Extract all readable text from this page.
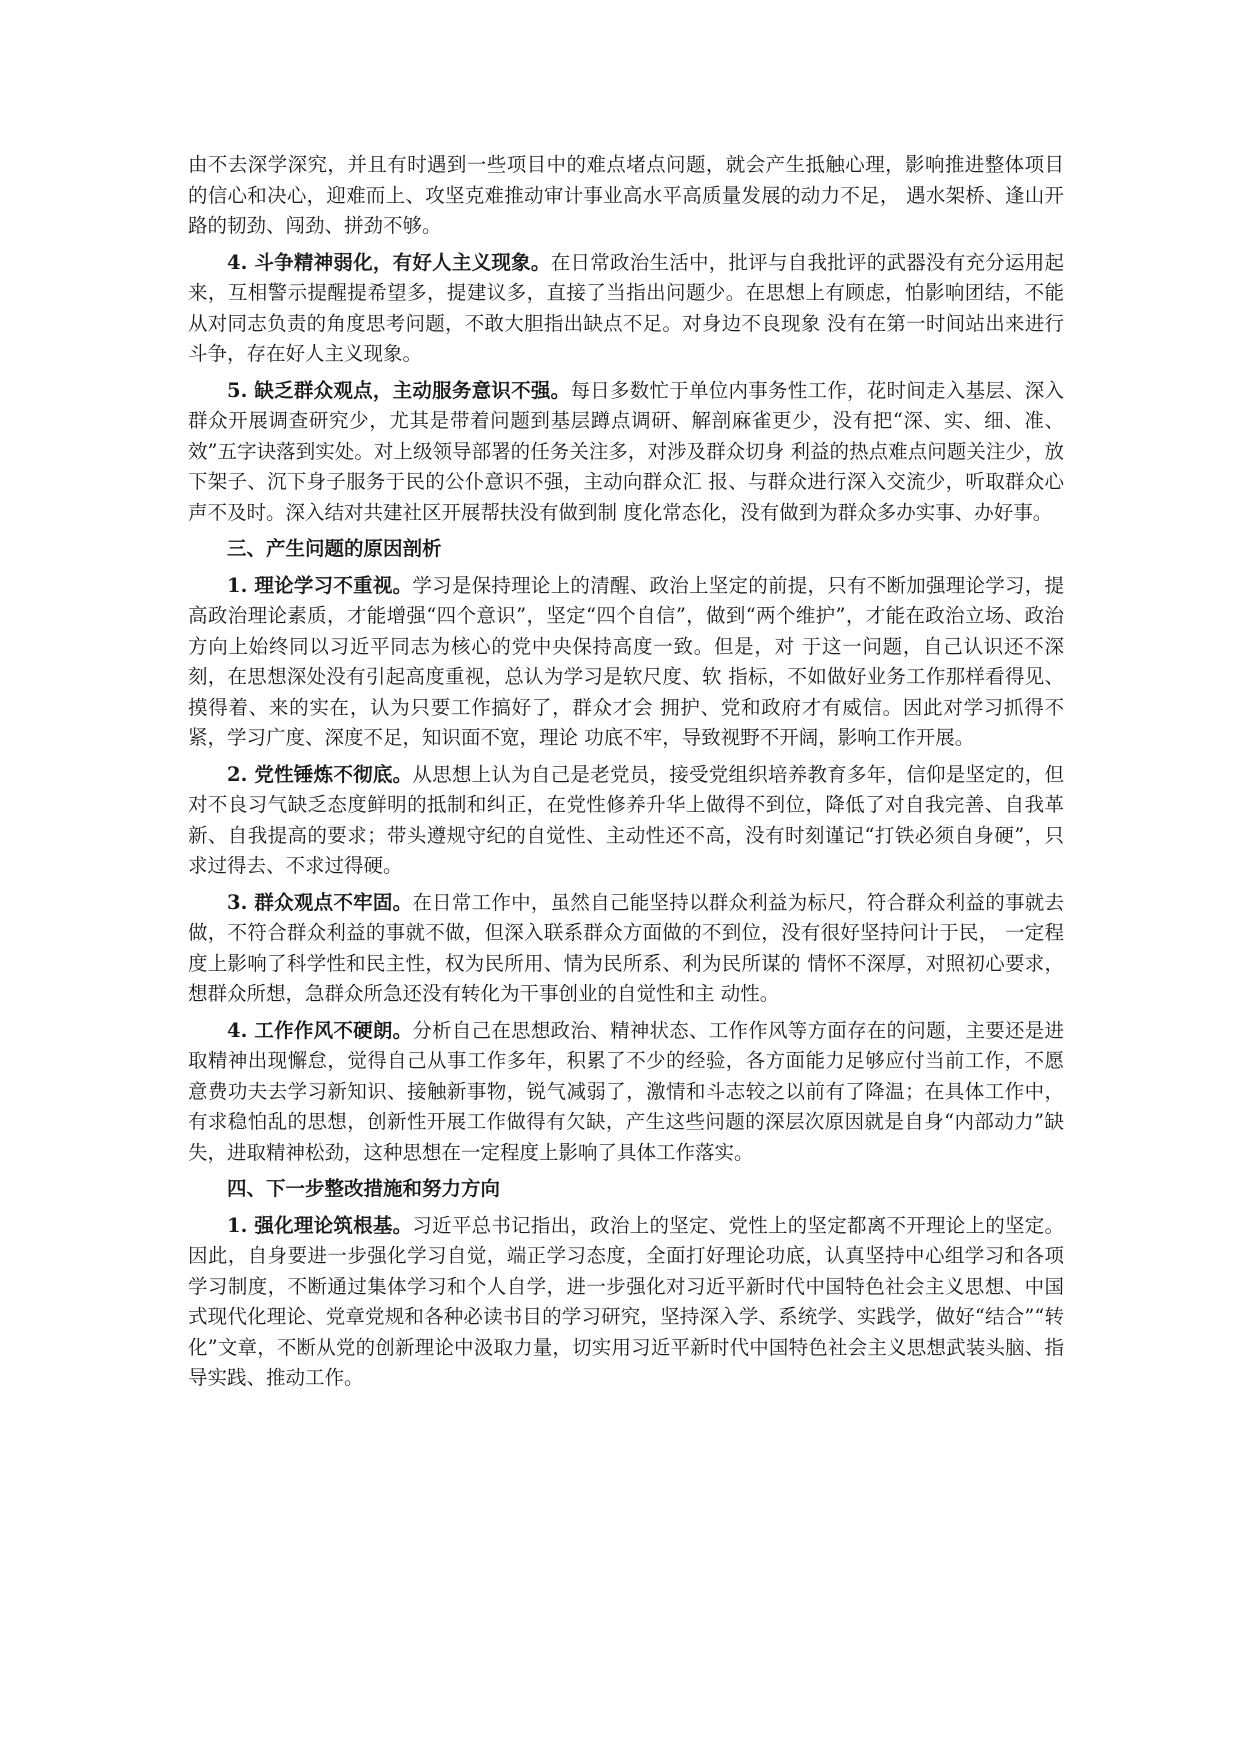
由不去深学深究，并且有时遇到一些项目中的难点堵点问题，就会产生抵触心理，影响推进整体项目的信心和决心，迎难而上、攻坚克难推动审计事业高水平高质量发展的动力不足， 遇水架桥、逢山开路的韧劲、闯劲、拼劲不够。

4. 斗争精神弱化，有好人主义现象。在日常政治生活中，批评与自我批评的武器没有充分运用起来，互相警示提醒提希望多，提建议多，直接了当指出问题少。在思想上有顾虑，怕影响团结，不能从对同志负责的角度思考问题，不敢大胆指出缺点不足。对身边不良现象 没有在第一时间站出来进行斗争，存在好人主义现象。

5. 缺乏群众观点，主动服务意识不强。每日多数忙于单位内事务性工作，花时间走入基层、深入群众开展调查研究少，尤其是带着问题到基层蹲点调研、解剖麻雀更少，没有把“深、实、细、准、效”五字诀落到实处。对上级领导部署的任务关注多，对涉及群众切身 利益的热点难点问题关注少，放下架子、沉下身子服务于民的公仆意识不强，主动向群众汇 报、与群众进行深入交流少，听取群众心声不及时。深入结对共建社区开展帮扶没有做到制 度化常态化，没有做到为群众多办实事、办好事。

三、产生问题的原因剖析

1. 理论学习不重视。学习是保持理论上的清醒、政治上坚定的前提，只有不断加强理论学习，提高政治理论素质，才能增强“四个意识”，坚定“四个自信”，做到“两个维护”，才能在政治立场、政治方向上始终同以习近平同志为核心的党中央保持高度一致。但是，对 于这一问题，自己认识还不深刻，在思想深处没有引起高度重视，总认为学习是软尺度、软 指标，不如做好业务工作那样看得见、摸得着、来的实在，认为只要工作搞好了，群众才会 拥护、党和政府才有威信。因此对学习抓得不紧，学习广度、深度不足，知识面不宽，理论 功底不牢，导致视野不开阔，影响工作开展。

2. 党性锤炼不彻底。从思想上认为自己是老党员，接受党组织培养教育多年，信仰是坚定的，但对不良习气缺乏态度鲜明的抵制和纠正，在党性修养升华上做得不到位，降低了对自我完善、自我革新、自我提高的要求；带头遵规守纪的自觉性、主动性还不高，没有时刻谨记“打铁必须自身硬”，只求过得去、不求过得硬。

3. 群众观点不牢固。在日常工作中，虽然自己能坚持以群众利益为标尺，符合群众利益的事就去做，不符合群众利益的事就不做，但深入联系群众方面做的不到位，没有很好坚持问计于民， 一定程度上影响了科学性和民主性，权为民所用、情为民所系、利为民所谋的 情怀不深厚，对照初心要求，想群众所想，急群众所急还没有转化为干事创业的自觉性和主 动性。

4. 工作作风不硬朗。分析自己在思想政治、精神状态、工作作风等方面存在的问题，主要还是进取精神出现懈怠，觉得自己从事工作多年，积累了不少的经验，各方面能力足够应付当前工作，不愿意费功夫去学习新知识、接触新事物，锐气减弱了，激情和斗志较之以前有了降温；在具体工作中，有求稳怕乱的思想，创新性开展工作做得有欠缺，产生这些问题的深层次原因就是自身“内部动力”缺失，进取精神松劲，这种思想在一定程度上影响了具体工作落实。

四、下一步整改措施和努力方向

1. 强化理论筑根基。习近平总书记指出，政治上的坚定、党性上的坚定都离不开理论上的坚定。因此，自身要进一步强化学习自觉，端正学习态度，全面打好理论功底，认真坚持中心组学习和各项学习制度，不断通过集体学习和个人自学，进一步强化对习近平新时代中国特色社会主义思想、中国式现代化理论、党章党规和各种必读书目的学习研究，坚持深入学、系统学、实践学，做好“结合”“转化”文章，不断从党的创新理论中汲取力量，切实用习近平新时代中国特色社会主义思想武装头脑、指导实践、推动工作。
